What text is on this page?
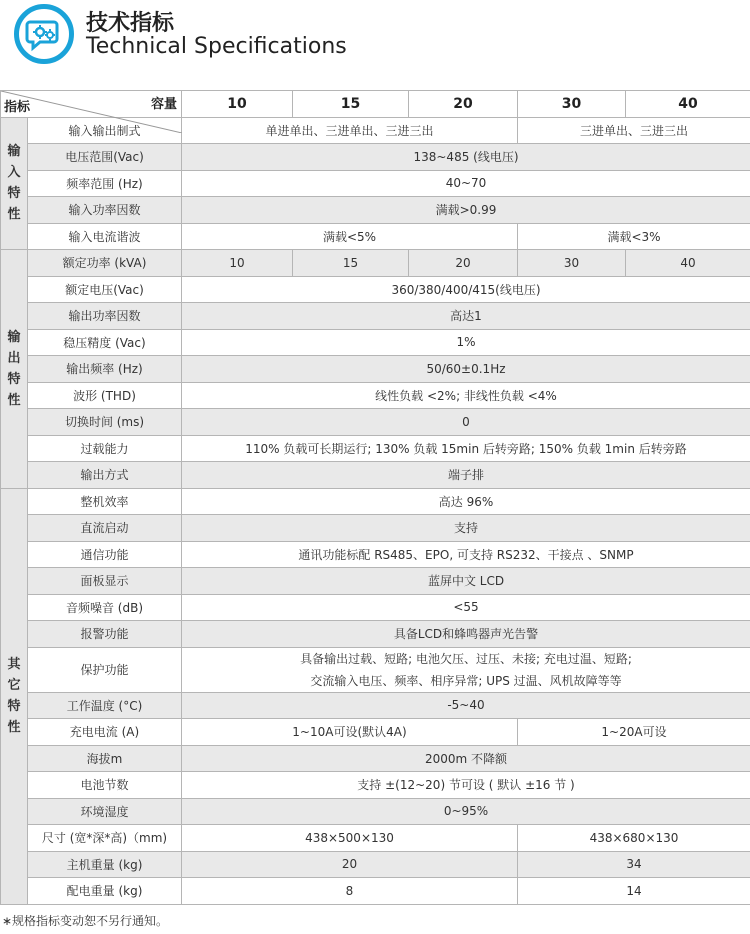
技术指标
Technical Specifications
容量
指标		10	15	20	30	40

输入特性	输入输出制式	单进单出、三进单出、三进三出			三进单出、三进三出	
	电压范围(Vac)	138~485 (线电压)				
	频率范围 (Hz)	40~70				
	输入功率因数	满载>0.99				
	输入电流谐波	满载<5%			满载<3%	

输出特性	额定功率 (kVA)	10	15	20	30	40
	额定电压(Vac)	360/380/400/415(线电压)				
	输出功率因数	高达1				
	稳压精度 (Vac)	1%				
	输出频率 (Hz)	50/60±0.1Hz				
	波形 (THD)	线性负载 <2%; 非线性负载 <4%				
	切换时间 (ms)	0				
	过载能力	110% 负载可长期运行; 130% 负载 15min 后转旁路; 150% 负载 1min 后转旁路				
	输出方式	端子排				

其它特性	整机效率	高达 96%				
	直流启动	支持				
	通信功能	通讯功能标配 RS485、EPO, 可支持 RS232、干接点 、SNMP				
	面板显示	蓝屏中文 LCD				
	音频噪音 (dB)	<55				
	报警功能	具备LCD和蜂鸣器声光告警				
	保护功能	具备输出过载、短路; 电池欠压、过压、未接; 充电过温、短路;
交流输入电压、频率、相序异常; UPS 过温、风机故障等等				

	工作温度 (°C)	-5~40				
	充电电流 (A)	1~10A可设(默认4A)			1~20A可设	
	海拔m	2000m 不降额				
	电池节数	支持 ±(12~20) 节可设 ( 默认 ±16 节 )				
	环境湿度	0~95%				
	尺寸 (宽*深*高)（mm)	438×500×130			438×680×130	
	主机重量 (kg)	20			34	
	配电重量 (kg)	8			14	
∗规格指标变动恕不另行通知。
